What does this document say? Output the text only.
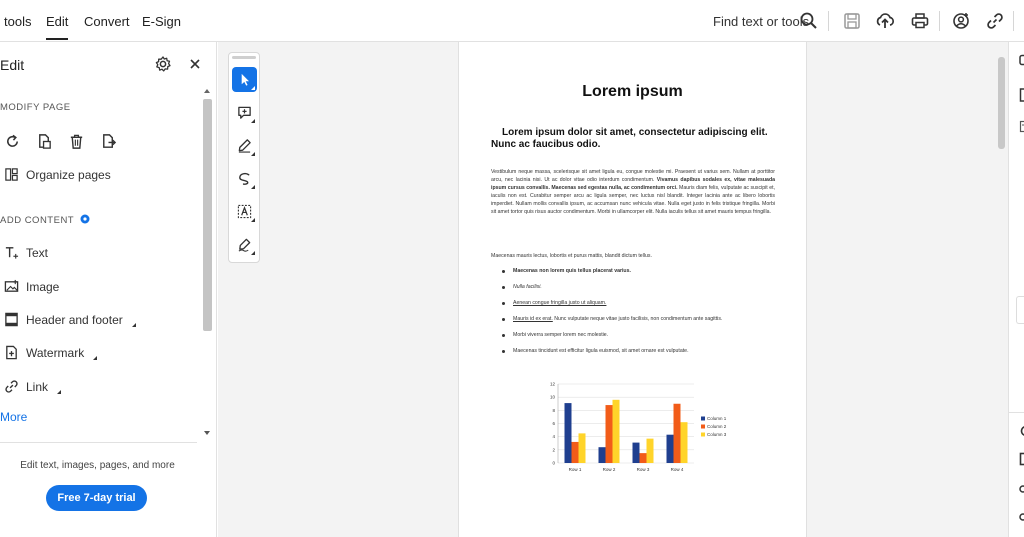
tools Edit Convert E-Sign	Find text or tools
Edit
MODIFY PAGE
Organize pages
ADD CONTENT
Text
Image
Header and footer
Watermark
Link
More
Edit text, images, pages, and more
Free 7-day trial
Lorem ipsum
Lorem ipsum dolor sit amet, consectetur adipiscing elit. Nunc ac faucibus odio.
Vestibulum neque massa, scelerisque sit amet ligula eu, congue molestie mi. Praesent ut varius sem. Nullam at porttitor arcu, nec lacinia nisi. Ut ac dolor vitae odio interdum condimentum. Vivamus dapibus sodales ex, vitae malesuada ipsum cursus convallis. Maecenas sed egestas nulla, ac condimentum orci. Mauris diam felis, vulputate ac suscipit et, iaculis non est. Curabitur semper arcu ac ligula semper, nec luctus nisl blandit. Integer lacinia ante ac libero lobortis imperdiet. Nullam mollis convallis ipsum, ac accumsan nunc vehicula vitae. Nulla eget justo in felis tristique fringilla. Morbi sit amet tortor quis risus auctor condimentum. Morbi in ullamcorper elit. Nulla iaculis tellus sit amet mauris tempus fringilla.
Maecenas mauris lectus, lobortis et purus mattis, blandit dictum tellus.
Maecenas non lorem quis tellus placerat varius.
Nulla facilisi.
Aenean congue fringilla justo ut aliquam.
Mauris id ex erat. Nunc vulputate neque vitae justo facilisis, non condimentum ante sagittis.
Morbi viverra semper lorem nec molestie.
Maecenas tincidunt est efficitur ligula euismod, sit amet ornare est vulputate.
0
2
4
6
8
10
12
Row 1	Row 2	Row 3	Row 4
Column 1
Column 2
Column 3
